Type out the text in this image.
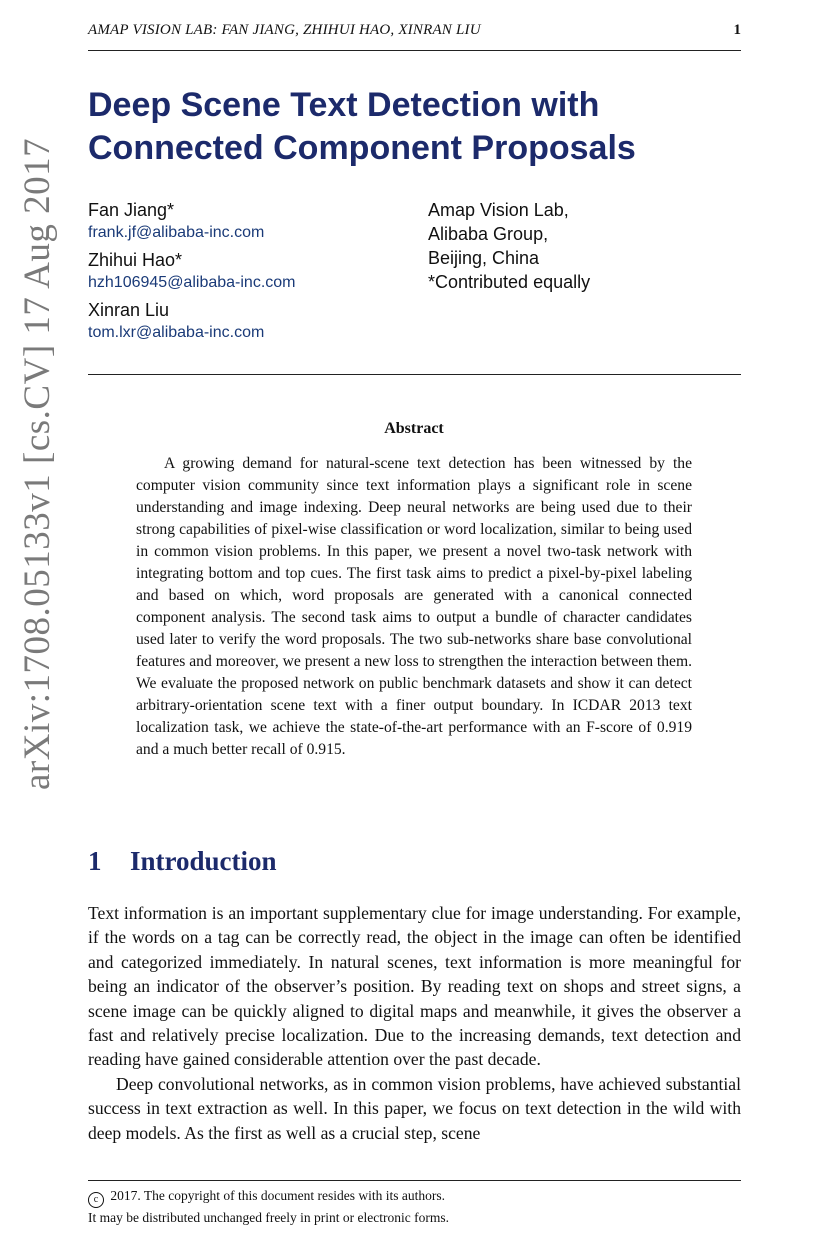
AMAP VISION LAB: FAN JIANG, ZHIHUI HAO, XINRAN LIU	1
arXiv:1708.05133v1 [cs.CV] 17 Aug 2017
Deep Scene Text Detection with Connected Component Proposals
Fan Jiang*
frank.jf@alibaba-inc.com
Zhihui Hao*
hzh106945@alibaba-inc.com
Xinran Liu
tom.lxr@alibaba-inc.com
Amap Vision Lab,
Alibaba Group,
Beijing, China
*Contributed equally
Abstract

A growing demand for natural-scene text detection has been witnessed by the computer vision community since text information plays a significant role in scene understanding and image indexing. Deep neural networks are being used due to their strong capabilities of pixel-wise classification or word localization, similar to being used in common vision problems. In this paper, we present a novel two-task network with integrating bottom and top cues. The first task aims to predict a pixel-by-pixel labeling and based on which, word proposals are generated with a canonical connected component analysis. The second task aims to output a bundle of character candidates used later to verify the word proposals. The two sub-networks share base convolutional features and moreover, we present a new loss to strengthen the interaction between them. We evaluate the proposed network on public benchmark datasets and show it can detect arbitrary-orientation scene text with a finer output boundary. In ICDAR 2013 text localization task, we achieve the state-of-the-art performance with an F-score of 0.919 and a much better recall of 0.915.

1 Introduction

Text information is an important supplementary clue for image understanding. For example, if the words on a tag can be correctly read, the object in the image can often be identified and categorized immediately. In natural scenes, text information is more meaningful for being an indicator of the observer’s position. By reading text on shops and street signs, a scene image can be quickly aligned to digital maps and meanwhile, it gives the observer a fast and relatively precise localization. Due to the increasing demands, text detection and reading have gained considerable attention over the past decade.

Deep convolutional networks, as in common vision problems, have achieved substantial success in text extraction as well. In this paper, we focus on text detection in the wild with deep models. As the first as well as a crucial step, scene

c 2017. The copyright of this document resides with its authors.
It may be distributed unchanged freely in print or electronic forms.
